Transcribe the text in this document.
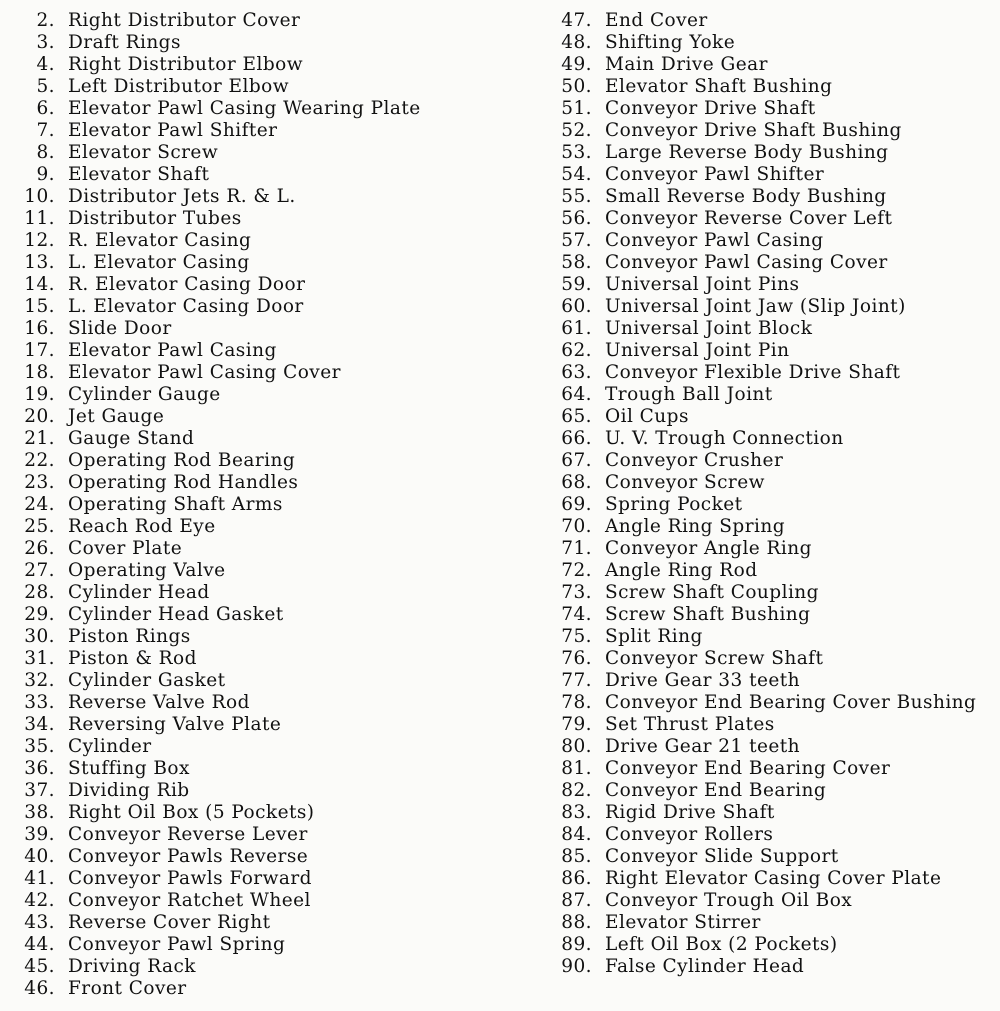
2. Right Distributor Cover
3. Draft Rings
4. Right Distributor Elbow
5. Left Distributor Elbow
6. Elevator Pawl Casing Wearing Plate
7. Elevator Pawl Shifter
8. Elevator Screw
9. Elevator Shaft
10. Distributor Jets R. & L.
11. Distributor Tubes
12. R. Elevator Casing
13. L. Elevator Casing
14. R. Elevator Casing Door
15. L. Elevator Casing Door
16. Slide Door
17. Elevator Pawl Casing
18. Elevator Pawl Casing Cover
19. Cylinder Gauge
20. Jet Gauge
21. Gauge Stand
22. Operating Rod Bearing
23. Operating Rod Handles
24. Operating Shaft Arms
25. Reach Rod Eye
26. Cover Plate
27. Operating Valve
28. Cylinder Head
29. Cylinder Head Gasket
30. Piston Rings
31. Piston & Rod
32. Cylinder Gasket
33. Reverse Valve Rod
34. Reversing Valve Plate
35. Cylinder
36. Stuffing Box
37. Dividing Rib
38. Right Oil Box (5 Pockets)
39. Conveyor Reverse Lever
40. Conveyor Pawls Reverse
41. Conveyor Pawls Forward
42. Conveyor Ratchet Wheel
43. Reverse Cover Right
44. Conveyor Pawl Spring
45. Driving Rack
46. Front Cover
47. End Cover
48. Shifting Yoke
49. Main Drive Gear
50. Elevator Shaft Bushing
51. Conveyor Drive Shaft
52. Conveyor Drive Shaft Bushing
53. Large Reverse Body Bushing
54. Conveyor Pawl Shifter
55. Small Reverse Body Bushing
56. Conveyor Reverse Cover Left
57. Conveyor Pawl Casing
58. Conveyor Pawl Casing Cover
59. Universal Joint Pins
60. Universal Joint Jaw (Slip Joint)
61. Universal Joint Block
62. Universal Joint Pin
63. Conveyor Flexible Drive Shaft
64. Trough Ball Joint
65. Oil Cups
66. U. V. Trough Connection
67. Conveyor Crusher
68. Conveyor Screw
69. Spring Pocket
70. Angle Ring Spring
71. Conveyor Angle Ring
72. Angle Ring Rod
73. Screw Shaft Coupling
74. Screw Shaft Bushing
75. Split Ring
76. Conveyor Screw Shaft
77. Drive Gear 33 teeth
78. Conveyor End Bearing Cover Bushing
79. Set Thrust Plates
80. Drive Gear 21 teeth
81. Conveyor End Bearing Cover
82. Conveyor End Bearing
83. Rigid Drive Shaft
84. Conveyor Rollers
85. Conveyor Slide Support
86. Right Elevator Casing Cover Plate
87. Conveyor Trough Oil Box
88. Elevator Stirrer
89. Left Oil Box (2 Pockets)
90. False Cylinder Head
